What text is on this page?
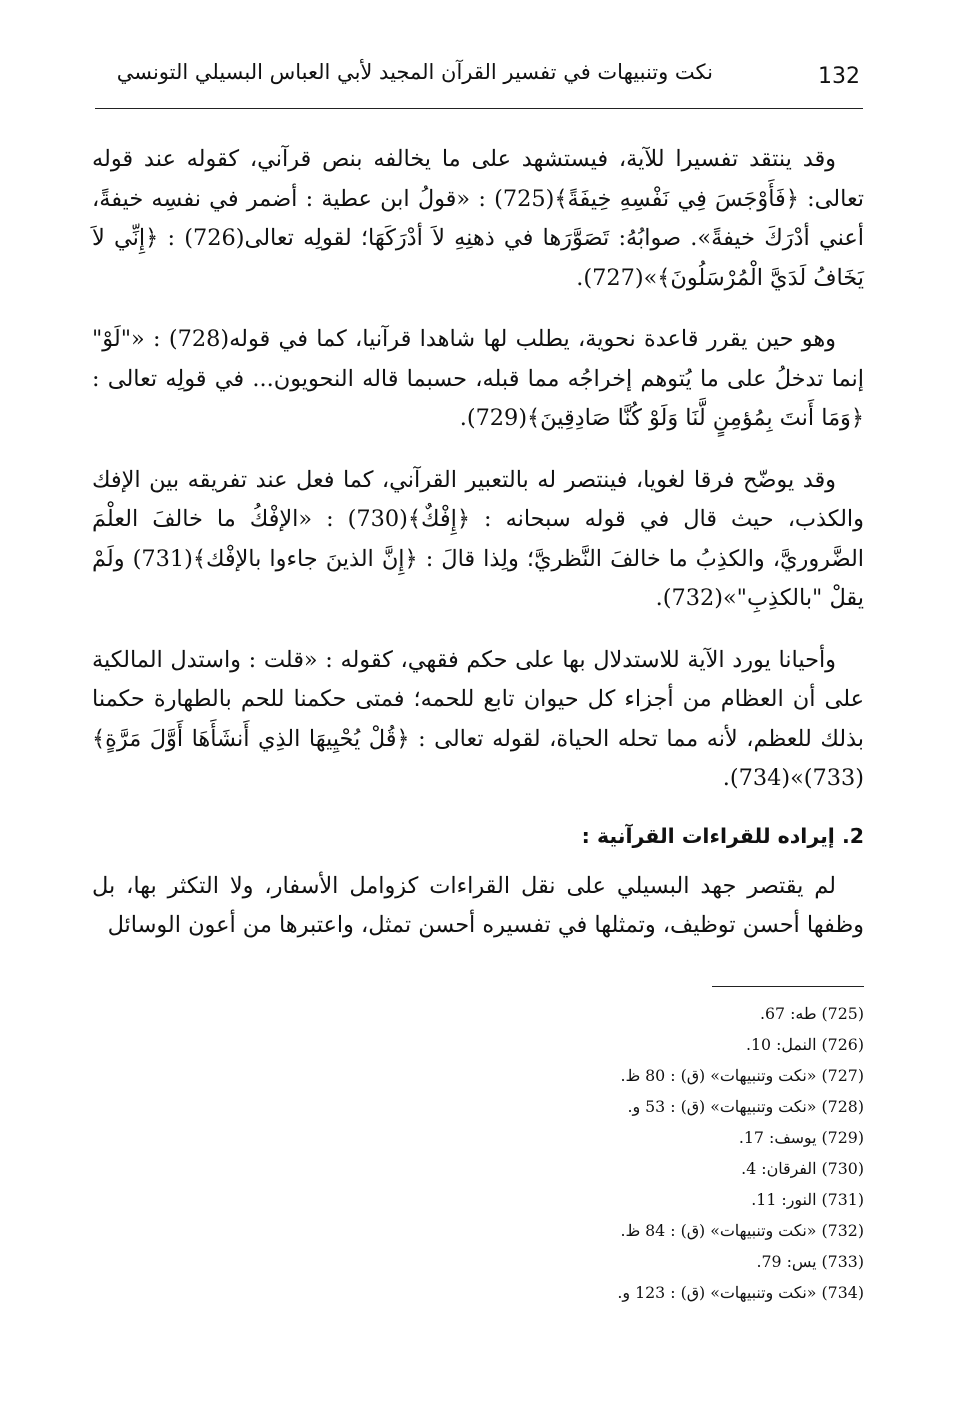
132
نكت وتنبيهات في تفسير القرآن المجيد لأبي العباس البسيلي التونسي

وقد ينتقد تفسيرا للآية، فيستشهد على ما يخالفه بنص قرآني، كقوله عند قوله تعالى: ﴿فَأَوْجَسَ فِي نَفْسِهِ خِيفَةً﴾(725) : «قولُ ابن عطية : أضمر في نفسِه خيفةً، أعني أدْرَكَ خيفةً». صوابُهُ: تَصَوَّرَها في ذهنِهِ لاَ أدْرَكَهَا؛ لقولِه تعالى(726) : ﴿إِنِّي لاَ يَخَافُ لَدَيَّ الْمُرْسَلُونَ﴾»(727).

وهو حين يقرر قاعدة نحوية، يطلب لها شاهدا قرآنيا، كما في قوله(728) : «"لَوْ" إنما تدخلُ على ما يُتوهم إخراجُه مما قبله، حسبما قاله النحويون... في قولِه تعالى : ﴿وَمَا أَنتَ بِمُؤمِنٍ لَّنَا وَلَوْ كُنَّا صَادِقِينَ﴾(729).

وقد يوضّح فرقا لغويا، فينتصر له بالتعبير القرآني، كما فعل عند تفريقه بين الإفك والكذب، حيث قال في قوله سبحانه : ﴿إِفْكٌ﴾(730) : «الإفْكُ ما خالفَ العلْمَ الضَّروريَّ، والكذِبُ ما خالفَ النَّظريَّ؛ ولِذا قالَ : ﴿إِنَّ الذينَ جاءوا بالإفْك﴾(731) ولَمْ يقلْ "بالكذِبِ"»(732).

وأحيانا يورد الآية للاستدلال بها على حكم فقهي، كقوله : «قلت : واستدل المالكية على أن العظام من أجزاء كل حيوان تابع للحمه؛ فمتى حكمنا للحم بالطهارة حكمنا بذلك للعظم، لأنه مما تحله الحياة، لقوله تعالى : ﴿قُلْ يُحْيِيهَا الذِي أَنشَأَهَا أَوَّلَ مَرَّةٍ﴾(733)»(734).

2. إيراده للقراءات القرآنية :

لم يقتصر جهد البسيلي على نقل القراءات كزوامل الأسفار، ولا التكثر بها، بل وظفها أحسن توظيف، وتمثلها في تفسيره أحسن تمثل، واعتبرها من أعون الوسائل

(725) طه: 67.
(726) النمل: 10.
(727) «نكت وتنبيهات» (ق) : 80 ظ.
(728) «نكت وتنبيهات» (ق) : 53 و.
(729) يوسف: 17.
(730) الفرقان: 4.
(731) النور: 11.
(732) «نكت وتنبيهات» (ق) : 84 ظ.
(733) يس: 79.
(734) «نكت وتنبيهات» (ق) : 123 و.
